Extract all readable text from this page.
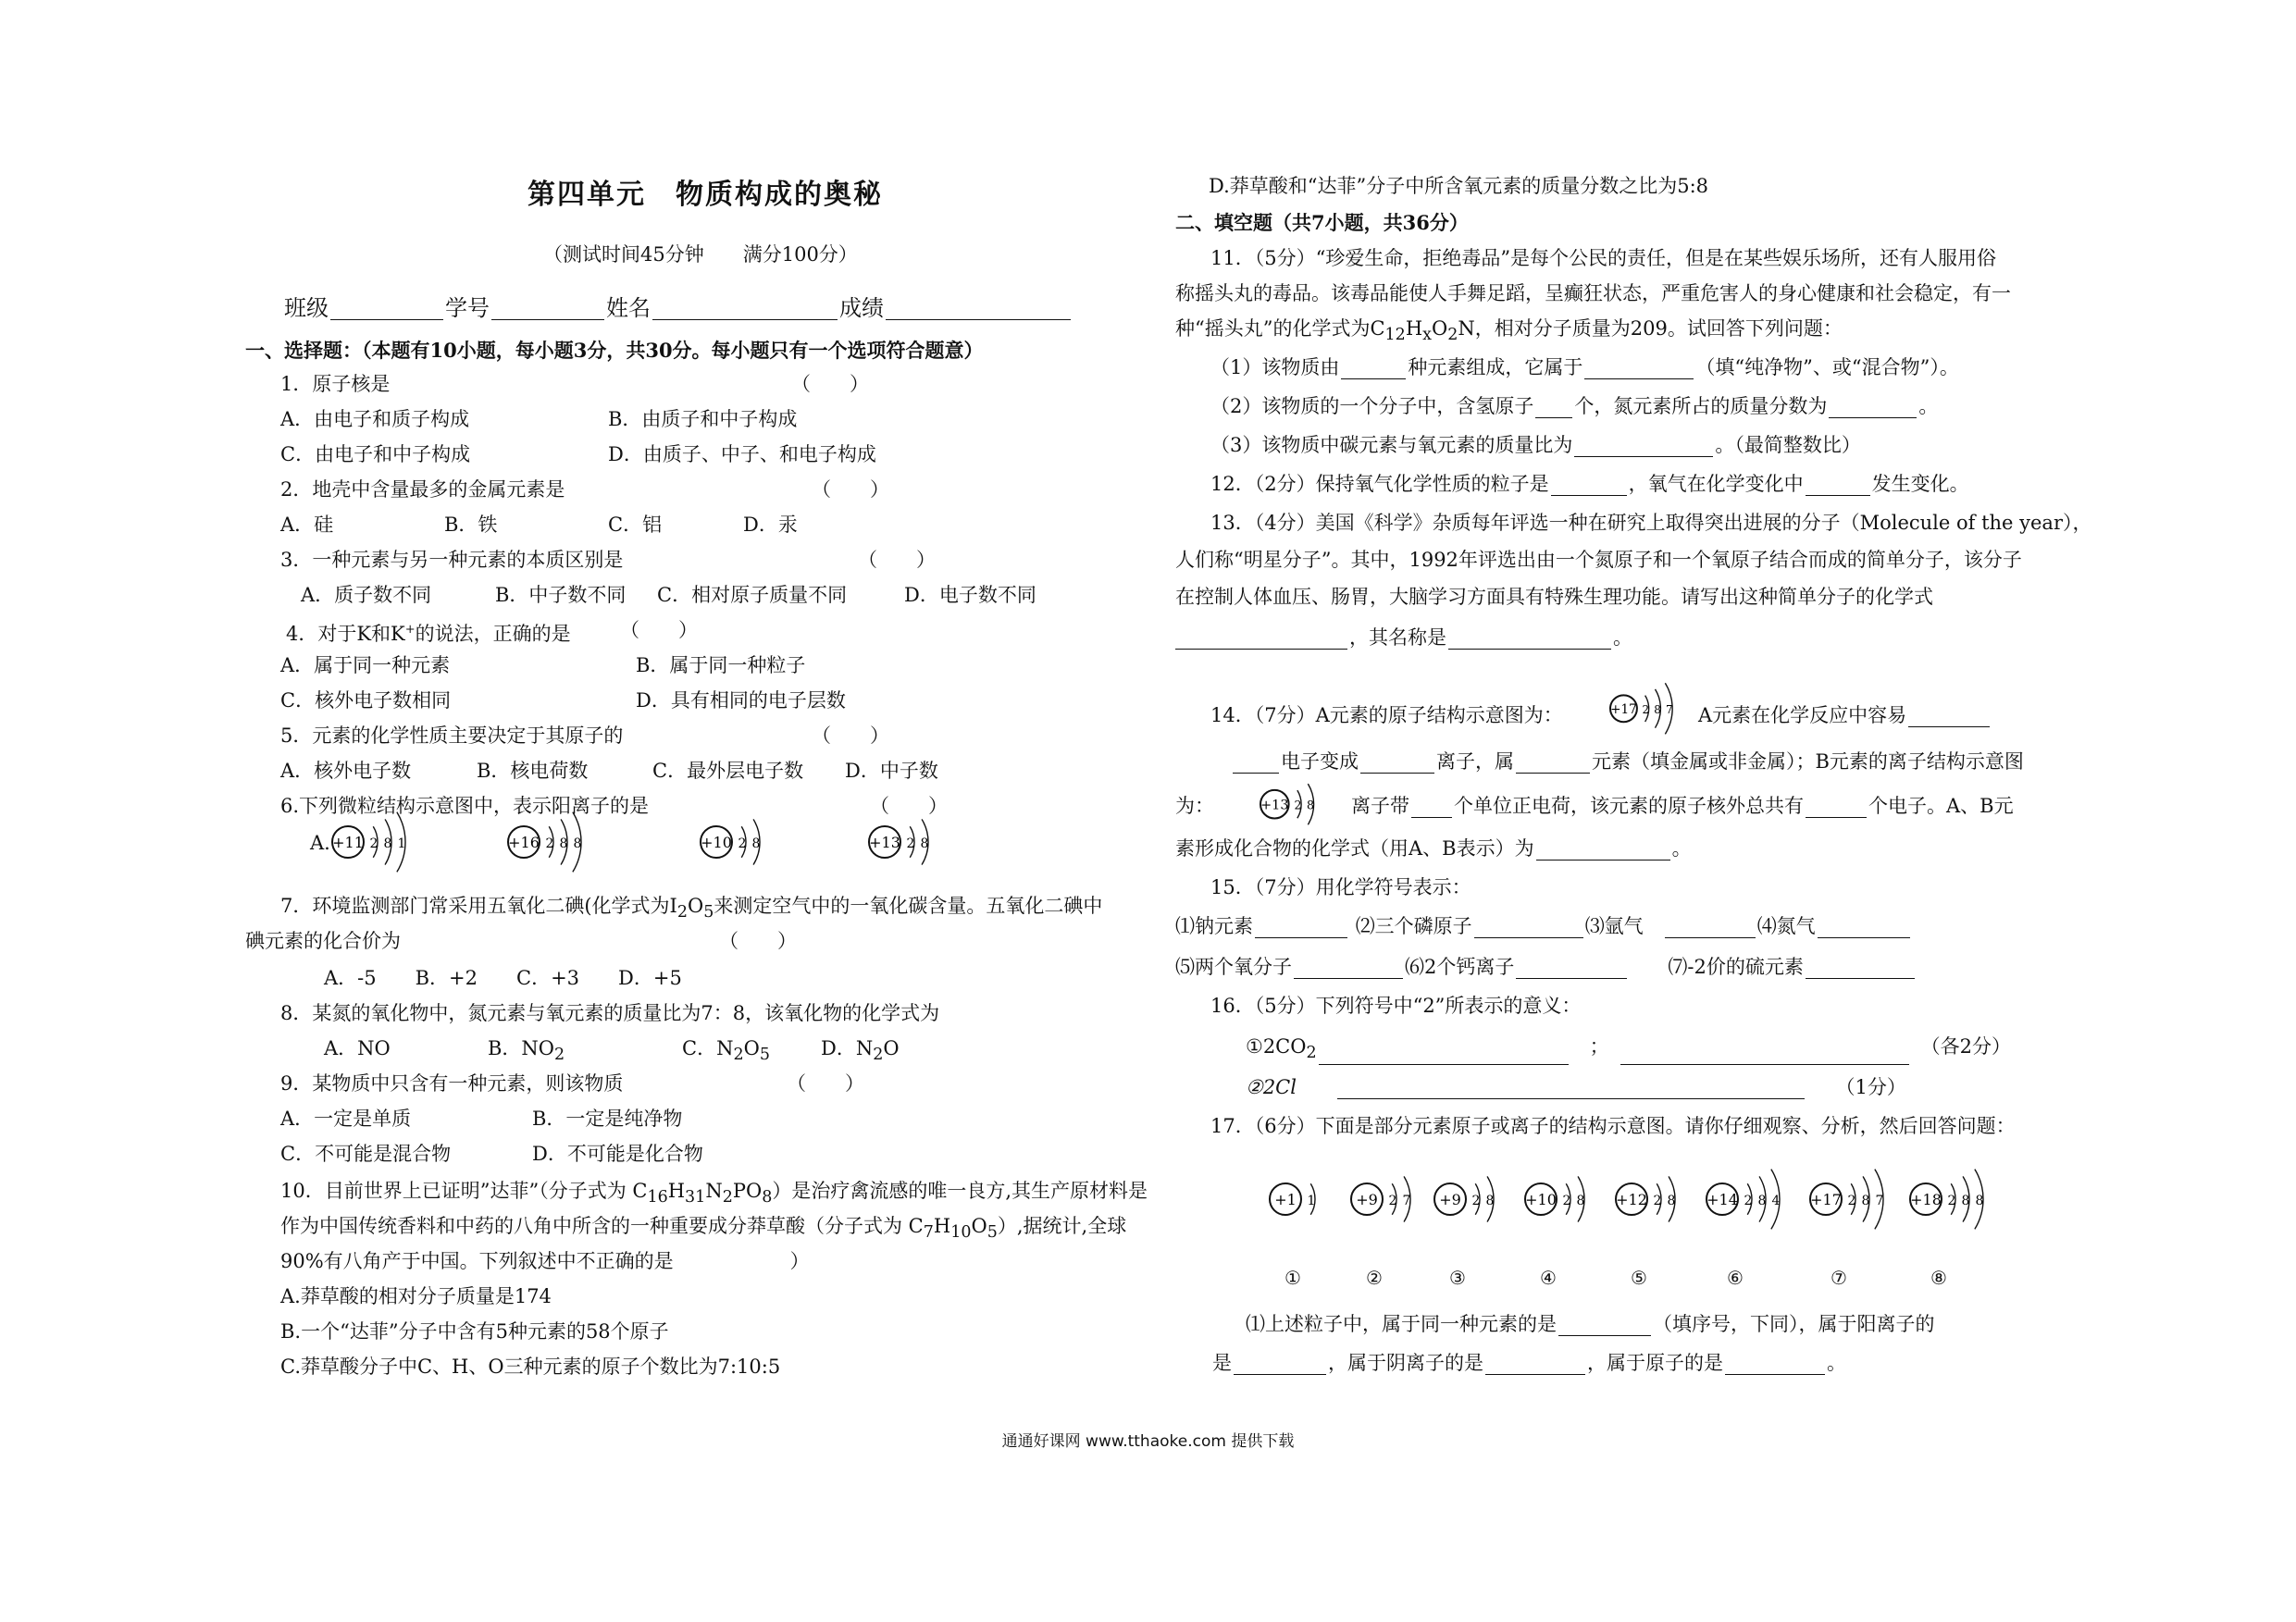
第四单元　物质构成的奥秘
（测试时间45分钟　　满分100分）
班级	学号	姓名	成绩
一、选择题：（本题有10小题，每小题3分，共30分。每小题只有一个选项符合题意）
1．原子核是	（　　）
A．由电子和质子构成	B．由质子和中子构成
C．由电子和中子构成	D．由质子、中子、和电子构成
2．地壳中含量最多的金属元素是	（　　）
A．硅	B．铁	C．铝	D．汞
3．一种元素与另一种元素的本质区别是	（　　）
A．质子数不同	B．中子数不同 C．相对原子质量不同	D．电子数不同
4．对于K和K+的说法，正确的是	（　　）
A．属于同一种元素	B．属于同一种粒子
C．核外电子数相同	D．具有相同的电子层数
5．元素的化学性质主要决定于其原子的	（　　）
A．核外电子数	B．核电荷数	C．最外层电子数 D．中子数
6.下列微粒结构示意图中，表示阳离子的是	（　　）
A. +11 2 8 1	+16 2 8 8	+10 2 8	+13 2 8
7．环境监测部门常采用五氧化二碘(化学式为$I_2O_5$来测定空气中的一氧化碳含量。五氧化二碘中
碘元素的化合价为	（　　）
A．-5　　B．+2　　C．+3　　D．+5
8．某氮的氧化物中，氮元素与氧元素的质量比为7：8，该氧化物的化学式为
A．NO	B．$NO_2$	C．$N_2O_5$	D．$N_2O$
9．某物质中只含有一种元素，则该物质	（　　）
A．一定是单质	B．一定是纯净物
C．不可能是混合物	D．不可能是化合物
10．目前世界上已证明”达菲”（分子式为 $C_{16}H_{31}N_2PO_8$）是治疗禽流感的唯一良方,其生产原材料是
作为中国传统香料和中药的八角中所含的一种重要成分莽草酸（分子式为 $C_7H_{10}O_5$）,据统计,全球
90%有八角产于中国。下列叙述中不正确的是　　　　　　）
A.莽草酸的相对分子质量是174
B.一个“达菲”分子中含有5种元素的58个原子
C.莽草酸分子中C、H、O三种元素的原子个数比为7:10:5
D.莽草酸和“达菲”分子中所含氧元素的质量分数之比为5:8
二、填空题（共7小题，共36分）
11．（5分）“珍爱生命，拒绝毒品”是每个公民的责任，但是在某些娱乐场所，还有人服用俗
称摇头丸的毒品。该毒品能使人手舞足蹈，呈癫狂状态，严重危害人的身心健康和社会稳定，有一
种“摇头丸”的化学式为$C_{12}H_xO_2N$，相对分子质量为209。试回答下列问题：
（1）该物质由	种元素组成，它属于	（填“纯净物”、或“混合物”）。
（2）该物质的一个分子中，含氢原子 个，氮元素所占的质量分数为	。
（3）该物质中碳元素与氧元素的质量比为	。（最简整数比）
12．（2分）保持氧气化学性质的粒子是	，氧气在化学变化中	发生变化。
13．（4分）美国《科学》杂质每年评选一种在研究上取得突出进展的分子（Molecule of the year），
人们称“明星分子”。其中，1992年评选出由一个氮原子和一个氧原子结合而成的简单分子，该分子
在控制人体血压、肠胃，大脑学习方面具有特殊生理功能。请写出这种简单分子的化学式
，其名称是	。
14．（7分）A元素的原子结构示意图为：	+17 2 8 7 A元素在化学反应中容易
电子变成	离子，属	元素（填金属或非金属）；B元素的离子结构示意图
为：	+13 2 8 离子带 个单位正电荷，该元素的原子核外总共有	个电子。A、B元
素形成化合物的化学式（用A、B表示）为	。
15．（7分）用化学符号表示：
⑴钠元素	⑵三个磷原子	⑶氩气　	⑷氮气
⑸两个氧分子	⑹2个钙离子　　	⑺-2价的硫元素
16．（5分）下列符号中“2”所表示的意义：
$①2CO_2$　	；　　	（各2分）
②2Cl　　　　	（1分）
17．（6分）下面是部分元素原子或离子的结构示意图。请你仔细观察、分析，然后回答问题：
+1 1	+9 2 7 +9 2 8 +10 2 8 +12 2 8 +14 2 8 4 +17 2 8 7 +18 2 8 8
①	②	③	④	⑤	⑥	⑦	⑧
⑴上述粒子中，属于同一种元素的是	（填序号，下同），属于阳离子的
是	，属于阴离子的是	，属于原子的是	。
通通好课网 www.tthaoke.com 提供下载
